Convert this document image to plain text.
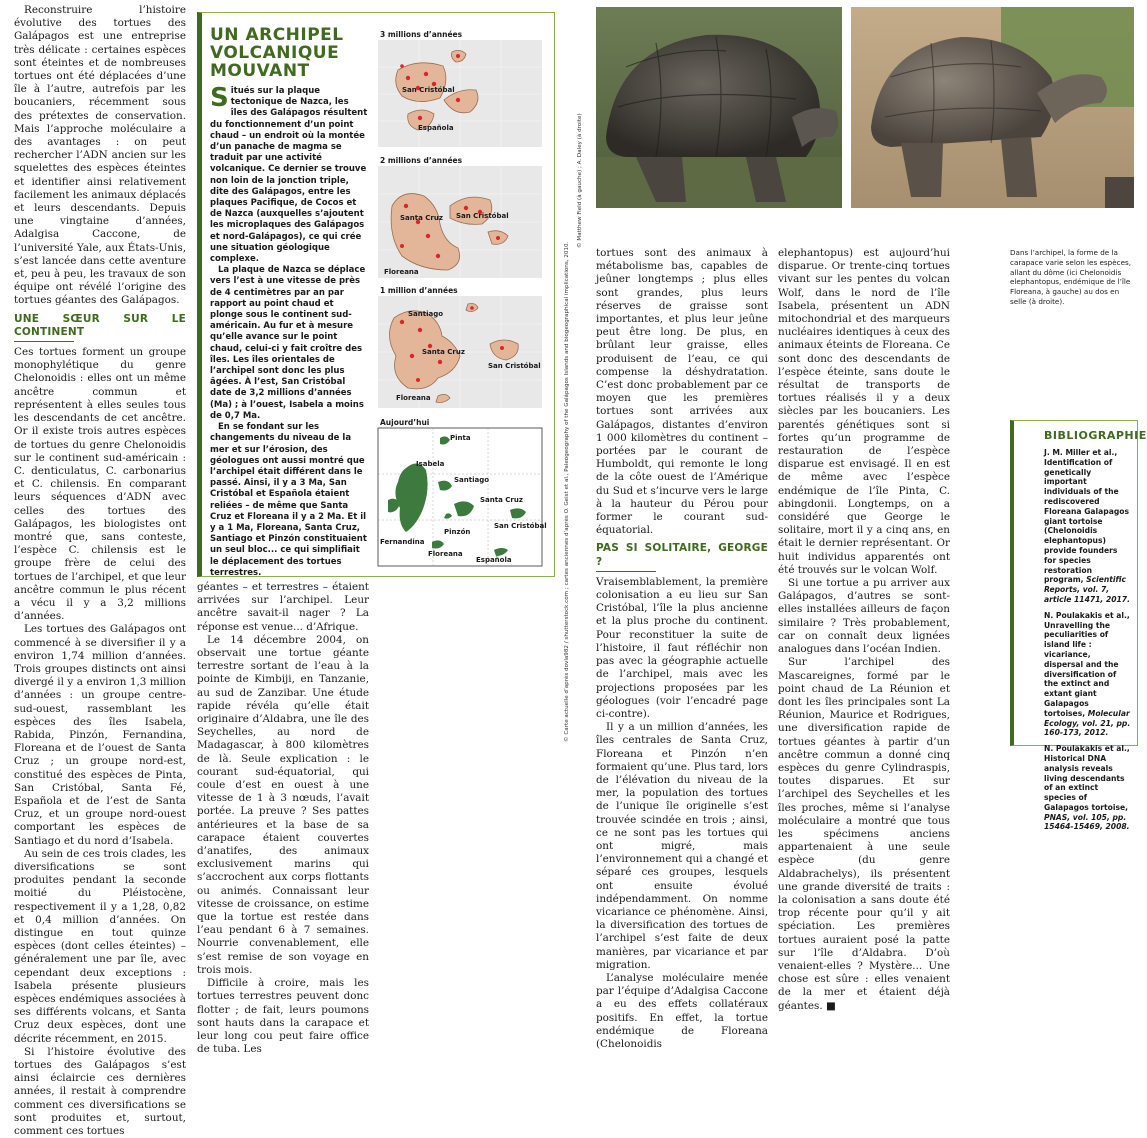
Reconstruire l’histoire évolutive des tortues des Galápagos est une entreprise très délicate : certaines espèces sont éteintes et de nombreuses tortues ont été déplacées d’une île à l’autre, autrefois par les boucaniers, récemment sous des prétextes de conservation. Mais l’approche moléculaire a des avantages : on peut rechercher l’ADN ancien sur les squelettes des espèces éteintes et identifier ainsi relativement facilement les animaux déplacés et leurs descendants. Depuis une vingtaine d’années, Adalgisa Caccone, de l’université Yale, aux États-Unis, s’est lancée dans cette aventure et, peu à peu, les travaux de son équipe ont révélé l’origine des tortues géantes des Galápagos.

UNE SŒUR SUR LE CONTINENT

Ces tortues forment un groupe monophylétique du genre Chelonoidis : elles ont un même ancêtre commun et représentent à elles seules tous les descendants de cet ancêtre. Or il existe trois autres espèces de tortues du genre Chelonoidis sur le continent sud-américain : C. denticulatus, C. carbonarius et C. chilensis. En comparant leurs séquences d’ADN avec celles des tortues des Galápagos, les biologistes ont montré que, sans conteste, l’espèce C. chilensis est le groupe frère de celui des tortues de l’archipel, et que leur ancêtre commun le plus récent a vécu il y a 3,2 millions d’années.

Les tortues des Galápagos ont commencé à se diversifier il y a environ 1,74 million d’années. Trois groupes distincts ont ainsi divergé il y a environ 1,3 million d’années : un groupe centre-sud-ouest, rassemblant les espèces des îles Isabela, Rabida, Pinzón, Fernandina, Floreana et de l’ouest de Santa Cruz ; un groupe nord-est, constitué des espèces de Pinta, San Cristóbal, Santa Fé, Española et de l’est de Santa Cruz, et un groupe nord-ouest comportant les espèces de Santiago et du nord d’Isabela.

Au sein de ces trois clades, les diversifications se sont produites pendant la seconde moitié du Pléistocène, respectivement il y a 1,28, 0,82 et 0,4 million d’années. On distingue en tout quinze espèces (dont celles éteintes) – généralement une par île, avec cependant deux exceptions : Isabela présente plusieurs espèces endémiques associées à ses différents volcans, et Santa Cruz deux espèces, dont une décrite récemment, en 2015.

Si l’histoire évolutive des tortues des Galápagos s’est ainsi éclaircie ces dernières années, il restait à comprendre comment ces diversifications se sont produites et, surtout, comment ces tortues

UN ARCHIPEL VOLCANIQUE MOUVANT

Situés sur la plaque tectonique de Nazca, les îles des Galápagos résultent du fonctionnement d’un point chaud – un endroit où la montée d’un panache de magma se traduit par une activité volcanique. Ce dernier se trouve non loin de la jonction triple, dite des Galápagos, entre les plaques Pacifique, de Cocos et de Nazca (auxquelles s’ajoutent les microplaques des Galápagos et nord-Galápagos), ce qui crée une situation géologique complexe.

La plaque de Nazca se déplace vers l’est à une vitesse de près de 4 centimètres par an par rapport au point chaud et plonge sous le continent sud-américain. Au fur et à mesure qu’elle avance sur le point chaud, celui-ci y fait croître des îles. Les îles orientales de l’archipel sont donc les plus âgées. À l’est, San Cristóbal date de 3,2 millions d’années (Ma) ; à l’ouest, Isabela a moins de 0,7 Ma.

En se fondant sur les changements du niveau de la mer et sur l’érosion, des géologues ont aussi montré que l’archipel était différent dans le passé. Ainsi, il y a 3 Ma, San Cristóbal et Española étaient reliées – de même que Santa Cruz et Floreana il y a 2 Ma. Et il y a 1 Ma, Floreana, Santa Cruz, Santiago et Pinzón constituaient un seul bloc... ce qui simplifiait le déplacement des tortues terrestres.

3 millions d’années
San Cristóbal
Española
2 millions d’années
Santa Cruz San Cristóbal
Floreana
1 million d’années
Santiago
Santa Cruz
San Cristóbal
Floreana
Aujourd’hui
Pinta
Isabela
Santiago
Santa Cruz
Fernandina
Pinzón
San Cristóbal
Floreana
Española

géantes – et terrestres – étaient arrivées sur l’archipel. Leur ancêtre savait-il nager ? La réponse est venue... d’Afrique.

Le 14 décembre 2004, on observait une tortue géante terrestre sortant de l’eau à la pointe de Kimbiji, en Tanzanie, au sud de Zanzibar. Une étude rapide révéla qu’elle était originaire d’Aldabra, une île des Seychelles, au nord de Madagascar, à 800 kilomètres de là. Seule explication : le courant sud-équatorial, qui coule d’est en ouest à une vitesse de 1 à 3 nœuds, l’avait portée. La preuve ? Ses pattes antérieures et la base de sa carapace étaient couvertes d’anatifes, des animaux exclusivement marins qui s’accrochent aux corps flottants ou animés. Connaissant leur vitesse de croissance, on estime que la tortue est restée dans l’eau pendant 6 à 7 semaines. Nourrie convenablement, elle s’est remise de son voyage en trois mois.

Difficile à croire, mais les tortues terrestres peuvent donc flotter ; de fait, leurs poumons sont hauts dans la carapace et leur long cou peut faire office de tuba. Les

© Carte actuelle d’après dovla982 / shutterstock.com ; cartes anciennes d’après O. Geist et al., Paleogeography of the Galápagos Islands and biogeographical implications, 2010.	tortues sont des animaux à métabolisme bas, capables de jeûner longtemps ; plus elles sont grandes, plus leurs réserves de graisse sont importantes, et plus leur jeûne peut être long. De plus, en brûlant leur graisse, elles produisent de l’eau, ce qui compense la déshydratation. C’est donc probablement par ce moyen que les premières tortues sont arrivées aux Galápagos, distantes d’environ 1 000 kilomètres du continent – portées par le courant de Humboldt, qui remonte le long de la côte ouest de l’Amérique du Sud et s’incurve vers le large à la hauteur du Pérou pour former le courant sud-équatorial.

PAS SI SOLITAIRE, GEORGE ?

Vraisemblablement, la première colonisation a eu lieu sur San Cristóbal, l’île la plus ancienne et la plus proche du continent. Pour reconstituer la suite de l’histoire, il faut réfléchir non pas avec la géographie actuelle de l’archipel, mais avec les projections proposées par les géologues (voir l’encadré page ci-contre).

Il y a un million d’années, les îles centrales de Santa Cruz, Floreana et Pinzón n’en formaient qu’une. Plus tard, lors de l’élévation du niveau de la mer, la population des tortues de l’unique île originelle s’est trouvée scindée en trois ; ainsi, ce ne sont pas les tortues qui ont migré, mais l’environnement qui a changé et séparé ces groupes, lesquels ont ensuite évolué indépendamment. On nomme vicariance ce phénomène. Ainsi, la diversification des tortues de l’archipel s’est faite de deux manières, par vicariance et par migration.

L’analyse moléculaire menée par l’équipe d’Adalgisa Caccone a eu des effets collatéraux positifs. En effet, la tortue endémique de Floreana (Chelonoidis

elephantopus) est aujourd’hui disparue. Or trente-cinq tortues vivant sur les pentes du volcan Wolf, dans le nord de l’île Isabela, présentent un ADN mitochondrial et des marqueurs nucléaires identiques à ceux des animaux éteints de Floreana. Ce sont donc des descendants de l’espèce éteinte, sans doute le résultat de transports de tortues réalisés il y a deux siècles par les boucaniers. Les parentés génétiques sont si fortes qu’un programme de restauration de l’espèce disparue est envisagé. Il en est de même avec l’espèce endémique de l’île Pinta, C. abingdonii. Longtemps, on a considéré que George le solitaire, mort il y a cinq ans, en était le dernier représentant. Or huit individus apparentés ont été trouvés sur le volcan Wolf.

Si une tortue a pu arriver aux Galápagos, d’autres se sont-elles installées ailleurs de façon similaire ? Très probablement, car on connaît deux lignées analogues dans l’océan Indien.

Sur l’archipel des Mascareignes, formé par le point chaud de La Réunion et dont les îles principales sont La Réunion, Maurice et Rodrigues, une diversification rapide de tortues géantes à partir d’un ancêtre commun a donné cinq espèces du genre Cylindraspis, toutes disparues. Et sur l’archipel des Seychelles et les îles proches, même si l’analyse moléculaire a montré que tous les spécimens anciens appartenaient à une seule espèce (du genre Aldabrachelys), ils présentent une grande diversité de traits : la colonisation a sans doute été trop récente pour qu’il y ait spéciation. Les premières tortues auraient posé la patte sur l’île d’Aldabra. D’où venaient-elles ? Mystère... Une chose est sûre : elles venaient de la mer et étaient déjà géantes. ■

© Matthew Field (à gauche) ; A. Daley (à droite)
Dans l’archipel, la forme de la carapace varie selon les espèces, allant du dôme (ici Chelonoidis elephantopus, endémique de l’île Floreana, à gauche) au dos en selle (à droite).
BIBLIOGRAPHIE
J. M. Miller et al., Identification of genetically important individuals of the rediscovered Floreana Galapagos giant tortoise (Chelonoidis elephantopus) provide founders for species restoration program, Scientific Reports, vol. 7, article 11471, 2017.
N. Poulakakis et al., Unravelling the peculiarities of island life : vicariance, dispersal and the diversification of the extinct and extant giant Galapagos tortoises, Molecular Ecology, vol. 21, pp. 160-173, 2012.
N. Poulakakis et al., Historical DNA analysis reveals living descendants of an extinct species of Galapagos tortoise, PNAS, vol. 105, pp. 15464-15469, 2008.
